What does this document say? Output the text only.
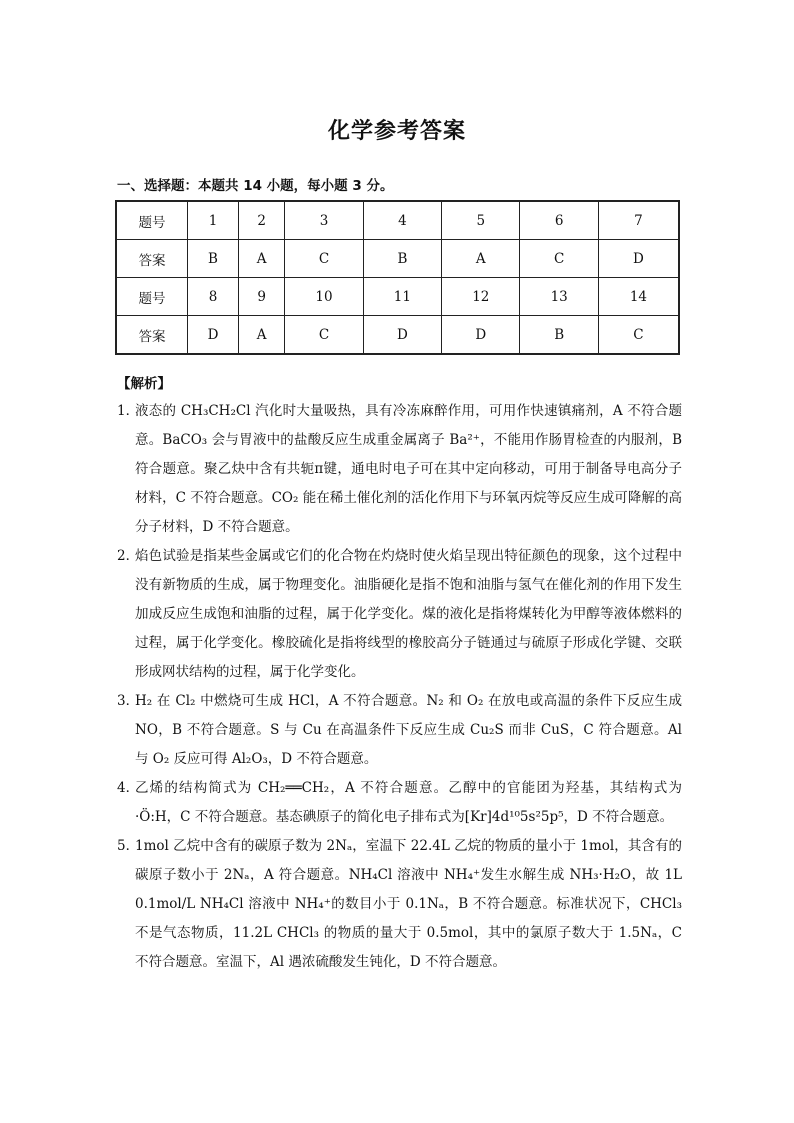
化学参考答案
一、选择题：本题共 14 小题，每小题 3 分。
题号	1	2	3	4	5	6	7
答案	B	A	C	B	A	C	D
题号	8	9	10	11	12	13	14
答案	D	A	C	D	D	B	C
【解析】

1．
液态的 CH₃CH₂Cl 汽化时大量吸热，具有冷冻麻醉作用，可用作快速镇痛剂，A 不符合题意。BaCO₃ 会与胃液中的盐酸反应生成重金属离子 Ba²⁺，不能用作肠胃检查的内服剂，B 符合题意。聚乙炔中含有共轭π键，通电时电子可在其中定向移动，可用于制备导电高分子材料，C 不符合题意。CO₂ 能在稀土催化剂的活化作用下与环氧丙烷等反应生成可降解的高分子材料，D 不符合题意。

2．
焰色试验是指某些金属或它们的化合物在灼烧时使火焰呈现出特征颜色的现象，这个过程中没有新物质的生成，属于物理变化。油脂硬化是指不饱和油脂与氢气在催化剂的作用下发生加成反应生成饱和油脂的过程，属于化学变化。煤的液化是指将煤转化为甲醇等液体燃料的过程，属于化学变化。橡胶硫化是指将线型的橡胶高分子链通过与硫原子形成化学键、交联形成网状结构的过程，属于化学变化。

3．
H₂ 在 Cl₂ 中燃烧可生成 HCl，A 不符合题意。N₂ 和 O₂ 在放电或高温的条件下反应生成 NO，B 不符合题意。S 与 Cu 在高温条件下反应生成 Cu₂S 而非 CuS，C 符合题意。Al 与 O₂ 反应可得 Al₂O₃，D 不符合题意。

4．
乙烯的结构简式为 CH₂══CH₂，A 不符合题意。乙醇中的官能团为羟基，其结构式为·Ö:H，C 不符合题意。基态碘原子的简化电子排布式为[Kr]4d¹⁰5s²5p⁵，D 不符合题意。

5．
1mol 乙烷中含有的碳原子数为 2Nₐ，室温下 22.4L 乙烷的物质的量小于 1mol，其含有的碳原子数小于 2Nₐ，A 符合题意。NH₄Cl 溶液中 NH₄⁺发生水解生成 NH₃·H₂O，故 1L 0.1mol/L NH₄Cl 溶液中 NH₄⁺的数目小于 0.1Nₐ，B 不符合题意。标准状况下，CHCl₃ 不是气态物质，11.2L CHCl₃ 的物质的量大于 0.5mol，其中的氯原子数大于 1.5Nₐ，C 不符合题意。室温下，Al 遇浓硫酸发生钝化，D 不符合题意。
